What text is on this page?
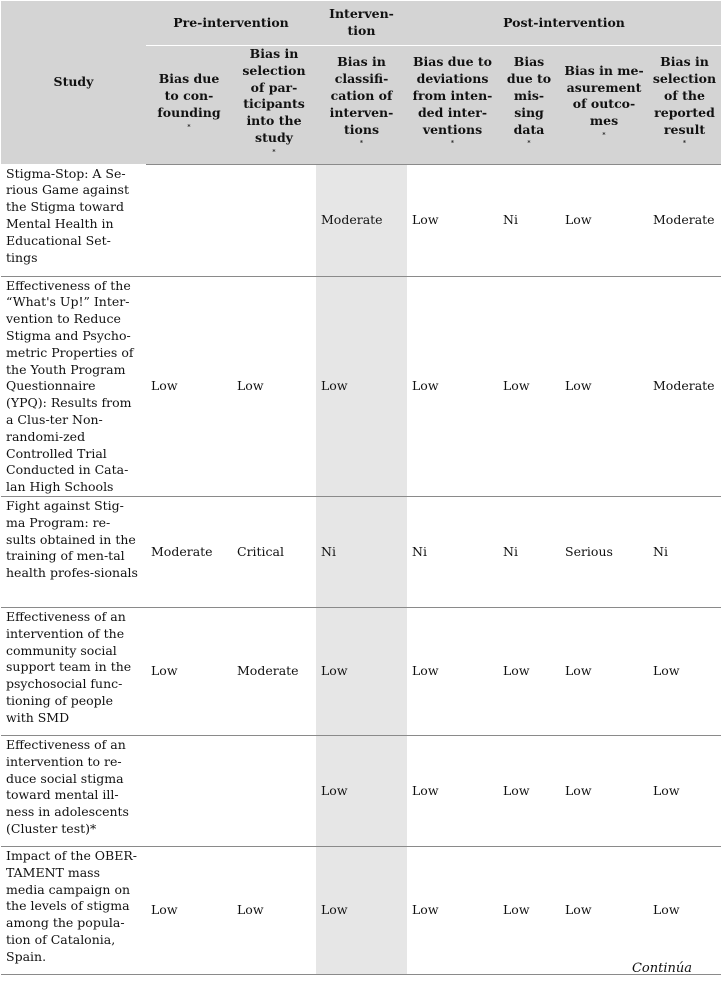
Study	Pre-intervention		Interven-tion	Post-intervention			
	Bias due to con-founding*	Bias in selection of par-ticipants into the study*	Bias in classifi-cation of interven-tions*	Bias due to deviations from inten-ded inter-ventions*	Bias due to mis-sing data*	Bias in me-asurement of outco-mes*	Bias in selection of the reported result*
Stigma-Stop: A Se-rious Game against the Stigma toward Mental Health in Educational Set-tings			Moderate	Low	Ni	Low	Moderate
Effectiveness of the “What's Up!” Inter-vention to Reduce Stigma and Psycho-metric Properties of the Youth Program Questionnaire (YPQ): Results from a Clus-ter Non-randomi-zed Controlled Trial Conducted in Cata-lan High Schools	Low	Low	Low	Low	Low	Low	Moderate
Fight against Stig-ma Program: re-sults obtained in the training of men-tal health profes-sionals	Moderate	Critical	Ni	Ni	Ni	Serious	Ni
Effectiveness of an intervention of the community social support team in the psychosocial func-tioning of people with SMD	Low	Moderate	Low	Low	Low	Low	Low
Effectiveness of an intervention to re-duce social stigma toward mental ill-ness in adolescents (Cluster test)*			Low	Low	Low	Low	Low
Impact of the OBER-TAMENT mass media campaign on the levels of stigma among the popula-tion of Catalonia, Spain.	Low	Low	Low	Low	Low	Low	Low
Continúa
